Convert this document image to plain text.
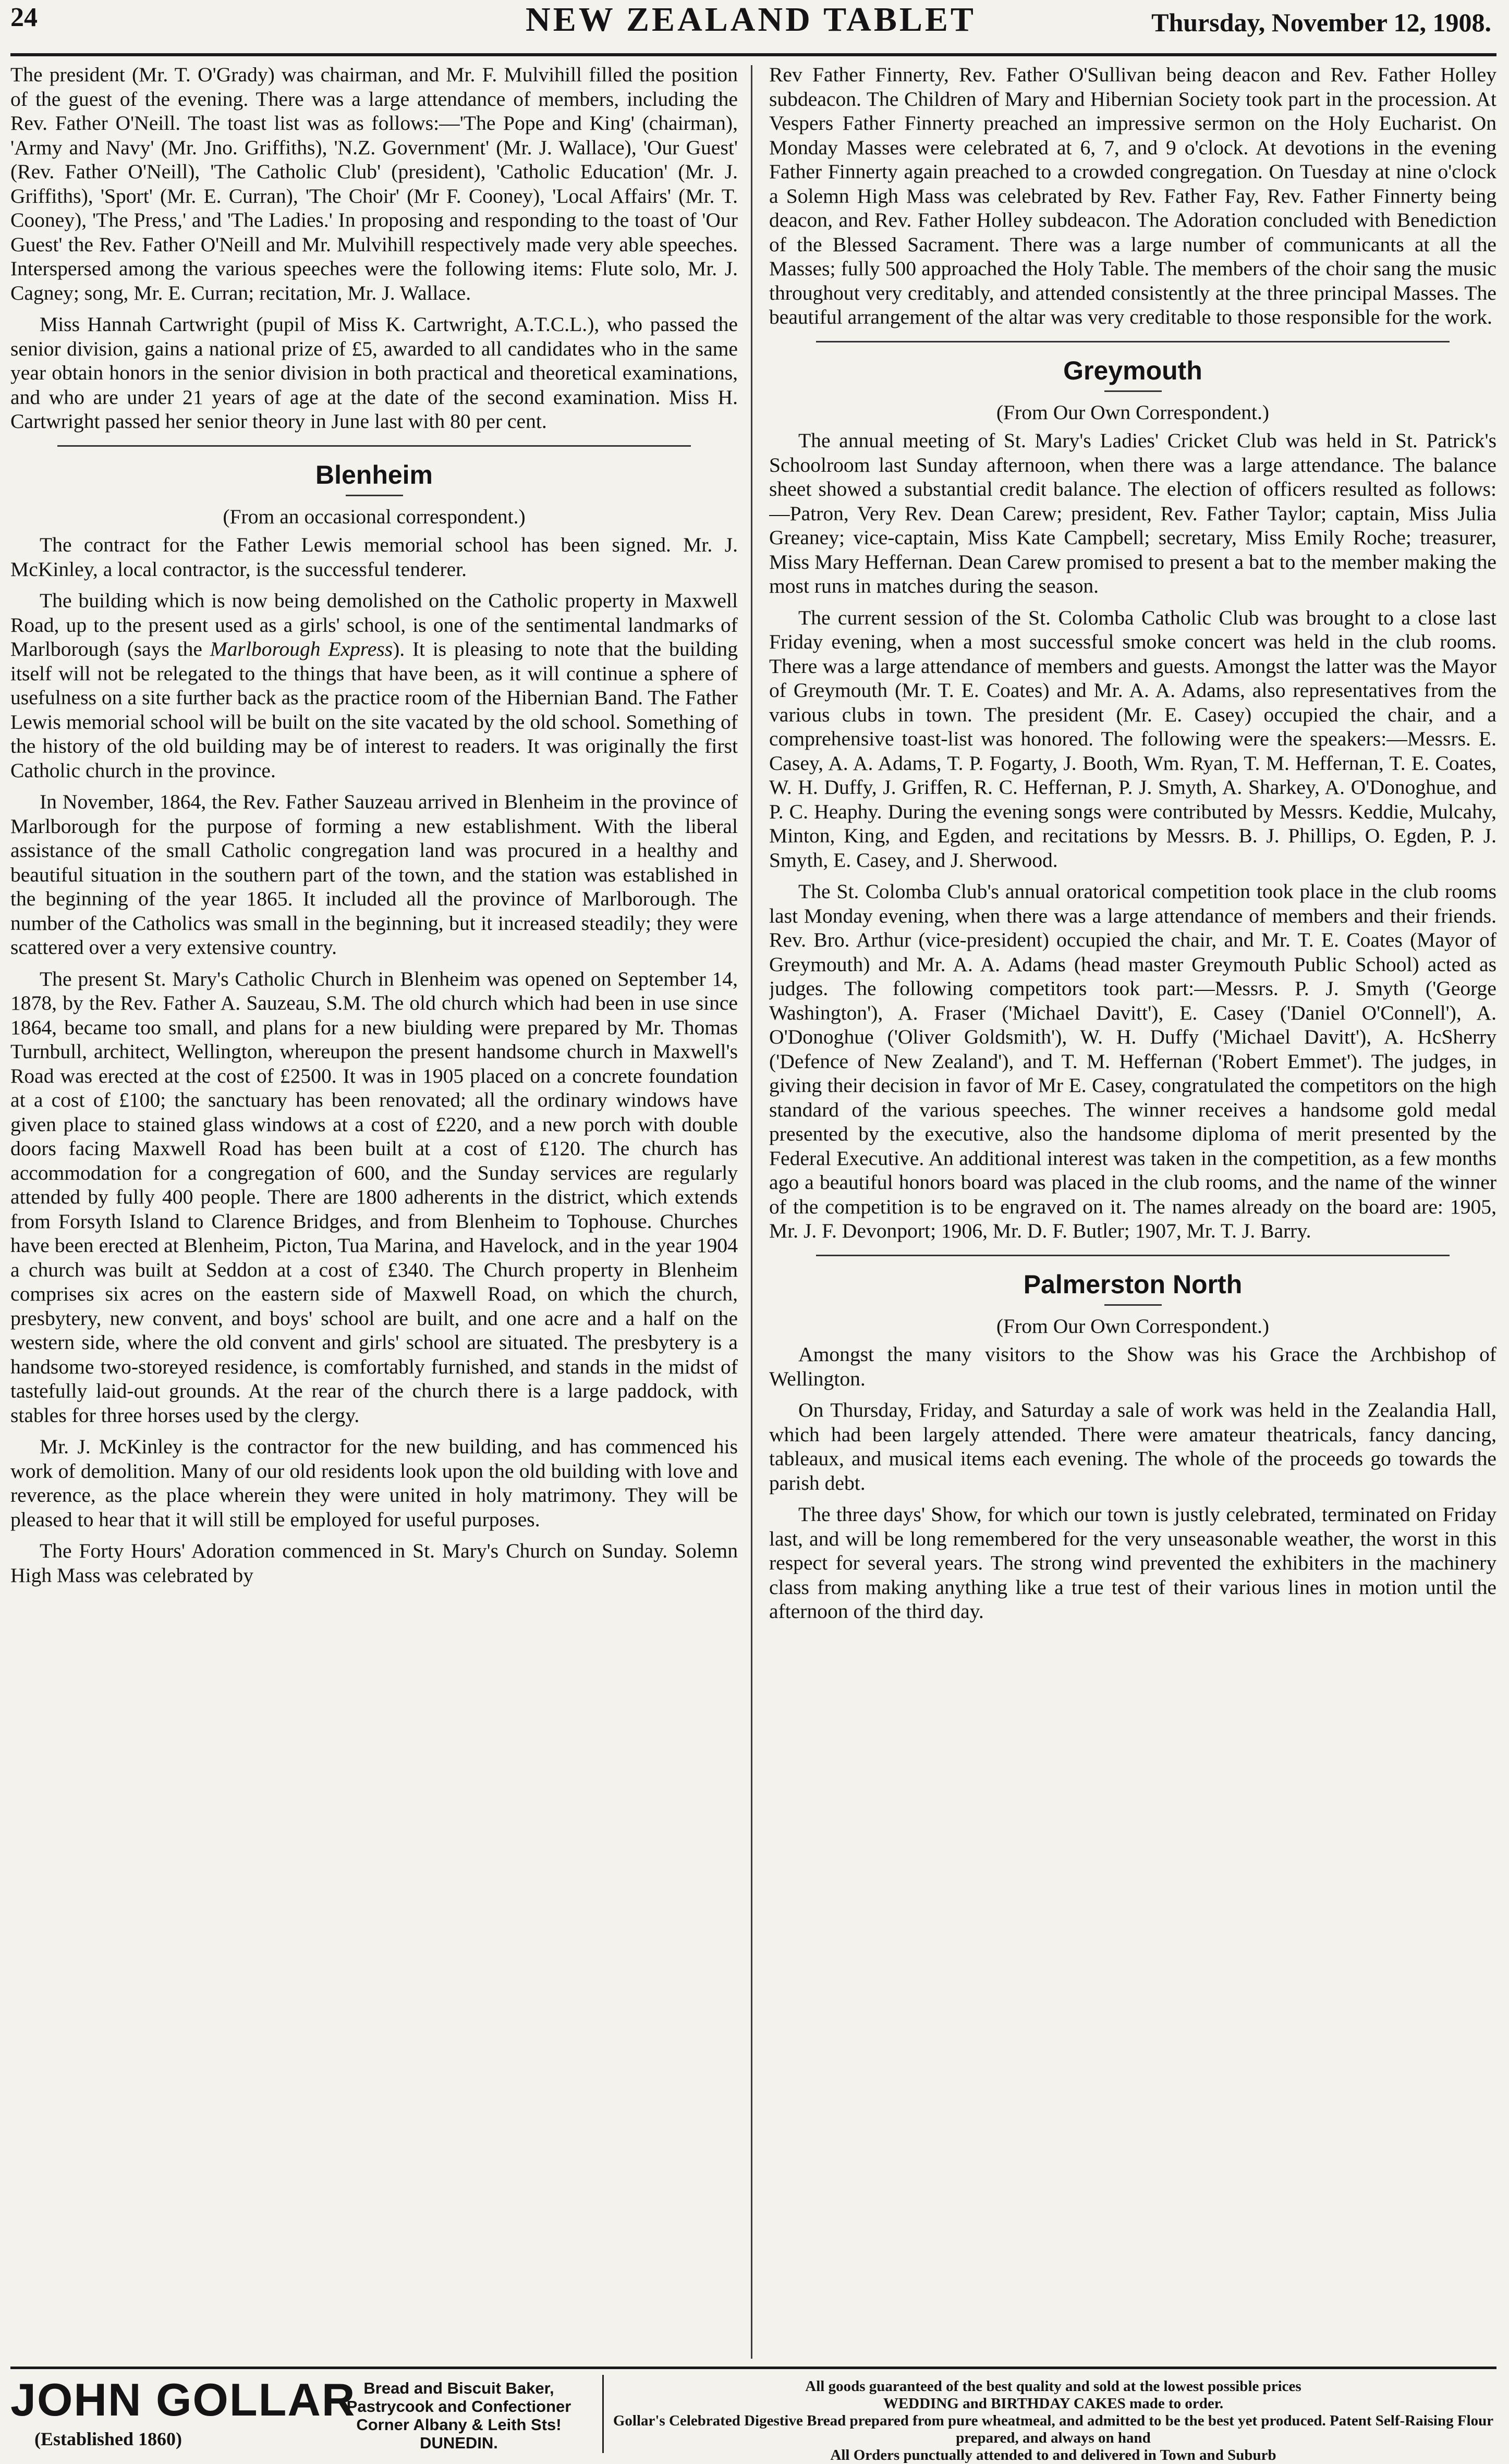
24	NEW ZEALAND TABLET	Thursday, November 12, 1908.

The president (Mr. T. O'Grady) was chairman, and Mr. F. Mulvihill filled the position of the guest of the evening. There was a large attendance of members, including the Rev. Father O'Neill. The toast list was as follows:—'The Pope and King' (chairman), 'Army and Navy' (Mr. Jno. Griffiths), 'N.Z. Government' (Mr. J. Wallace), 'Our Guest' (Rev. Father O'Neill), 'The Catholic Club' (president), 'Catholic Education' (Mr. J. Griffiths), 'Sport' (Mr. E. Curran), 'The Choir' (Mr F. Cooney), 'Local Affairs' (Mr. T. Cooney), 'The Press,' and 'The Ladies.' In proposing and responding to the toast of 'Our Guest' the Rev. Father O'Neill and Mr. Mulvihill respectively made very able speeches. Interspersed among the various speeches were the following items: Flute solo, Mr. J. Cagney; song, Mr. E. Curran; recitation, Mr. J. Wallace.

Miss Hannah Cartwright (pupil of Miss K. Cartwright, A.T.C.L.), who passed the senior division, gains a national prize of £5, awarded to all candidates who in the same year obtain honors in the senior division in both practical and theoretical examinations, and who are under 21 years of age at the date of the second examination. Miss H. Cartwright passed her senior theory in June last with 80 per cent.

Blenheim
(From an occasional correspondent.)

The contract for the Father Lewis memorial school has been signed. Mr. J. McKinley, a local contractor, is the successful tenderer.

The building which is now being demolished on the Catholic property in Maxwell Road, up to the present used as a girls' school, is one of the sentimental landmarks of Marlborough (says the Marlborough Express). It is pleasing to note that the building itself will not be relegated to the things that have been, as it will continue a sphere of usefulness on a site further back as the practice room of the Hibernian Band. The Father Lewis memorial school will be built on the site vacated by the old school. Something of the history of the old building may be of interest to readers. It was originally the first Catholic church in the province.

In November, 1864, the Rev. Father Sauzeau arrived in Blenheim in the province of Marlborough for the purpose of forming a new establishment. With the liberal assistance of the small Catholic congregation land was procured in a healthy and beautiful situation in the southern part of the town, and the station was established in the beginning of the year 1865. It included all the province of Marlborough. The number of the Catholics was small in the beginning, but it increased steadily; they were scattered over a very extensive country.

The present St. Mary's Catholic Church in Blenheim was opened on September 14, 1878, by the Rev. Father A. Sauzeau, S.M. The old church which had been in use since 1864, became too small, and plans for a new biulding were prepared by Mr. Thomas Turnbull, architect, Wellington, whereupon the present handsome church in Maxwell's Road was erected at the cost of £2500. It was in 1905 placed on a concrete foundation at a cost of £100; the sanctuary has been renovated; all the ordinary windows have given place to stained glass windows at a cost of £220, and a new porch with double doors facing Maxwell Road has been built at a cost of £120. The church has accommodation for a congregation of 600, and the Sunday services are regularly attended by fully 400 people. There are 1800 adherents in the district, which extends from Forsyth Island to Clarence Bridges, and from Blenheim to Tophouse. Churches have been erected at Blenheim, Picton, Tua Marina, and Havelock, and in the year 1904 a church was built at Seddon at a cost of £340. The Church property in Blenheim comprises six acres on the eastern side of Maxwell Road, on which the church, presbytery, new convent, and boys' school are built, and one acre and a half on the western side, where the old convent and girls' school are situated. The presbytery is a handsome two-storeyed residence, is comfortably furnished, and stands in the midst of tastefully laid-out grounds. At the rear of the church there is a large paddock, with stables for three horses used by the clergy.

Mr. J. McKinley is the contractor for the new building, and has commenced his work of demolition. Many of our old residents look upon the old building with love and reverence, as the place wherein they were united in holy matrimony. They will be pleased to hear that it will still be employed for useful purposes.

The Forty Hours' Adoration commenced in St. Mary's Church on Sunday. Solemn High Mass was celebrated by

Rev Father Finnerty, Rev. Father O'Sullivan being deacon and Rev. Father Holley subdeacon. The Children of Mary and Hibernian Society took part in the procession. At Vespers Father Finnerty preached an impressive sermon on the Holy Eucharist. On Monday Masses were celebrated at 6, 7, and 9 o'clock. At devotions in the evening Father Finnerty again preached to a crowded congregation. On Tuesday at nine o'clock a Solemn High Mass was celebrated by Rev. Father Fay, Rev. Father Finnerty being deacon, and Rev. Father Holley subdeacon. The Adoration concluded with Benediction of the Blessed Sacrament. There was a large number of communicants at all the Masses; fully 500 approached the Holy Table. The members of the choir sang the music throughout very creditably, and attended consistently at the three principal Masses. The beautiful arrangement of the altar was very creditable to those responsible for the work.

Greymouth
(From Our Own Correspondent.)

The annual meeting of St. Mary's Ladies' Cricket Club was held in St. Patrick's Schoolroom last Sunday afternoon, when there was a large attendance. The balance sheet showed a substantial credit balance. The election of officers resulted as follows:—Patron, Very Rev. Dean Carew; president, Rev. Father Taylor; captain, Miss Julia Greaney; vice-captain, Miss Kate Campbell; secretary, Miss Emily Roche; treasurer, Miss Mary Heffernan. Dean Carew promised to present a bat to the member making the most runs in matches during the season.

The current session of the St. Colomba Catholic Club was brought to a close last Friday evening, when a most successful smoke concert was held in the club rooms. There was a large attendance of members and guests. Amongst the latter was the Mayor of Greymouth (Mr. T. E. Coates) and Mr. A. A. Adams, also representatives from the various clubs in town. The president (Mr. E. Casey) occupied the chair, and a comprehensive toast-list was honored. The following were the speakers:—Messrs. E. Casey, A. A. Adams, T. P. Fogarty, J. Booth, Wm. Ryan, T. M. Heffernan, T. E. Coates, W. H. Duffy, J. Griffen, R. C. Heffernan, P. J. Smyth, A. Sharkey, A. O'Donoghue, and P. C. Heaphy. During the evening songs were contributed by Messrs. Keddie, Mulcahy, Minton, King, and Egden, and recitations by Messrs. B. J. Phillips, O. Egden, P. J. Smyth, E. Casey, and J. Sherwood.

The St. Colomba Club's annual oratorical competition took place in the club rooms last Monday evening, when there was a large attendance of members and their friends. Rev. Bro. Arthur (vice-president) occupied the chair, and Mr. T. E. Coates (Mayor of Greymouth) and Mr. A. A. Adams (head master Greymouth Public School) acted as judges. The following competitors took part:—Messrs. P. J. Smyth ('George Washington'), A. Fraser ('Michael Davitt'), E. Casey ('Daniel O'Connell'), A. O'Donoghue ('Oliver Goldsmith'), W. H. Duffy ('Michael Davitt'), A. HcSherry ('Defence of New Zealand'), and T. M. Heffernan ('Robert Emmet'). The judges, in giving their decision in favor of Mr E. Casey, congratulated the competitors on the high standard of the various speeches. The winner receives a handsome gold medal presented by the executive, also the handsome diploma of merit presented by the Federal Executive. An additional interest was taken in the competition, as a few months ago a beautiful honors board was placed in the club rooms, and the name of the winner of the competition is to be engraved on it. The names already on the board are: 1905, Mr. J. F. Devonport; 1906, Mr. D. F. Butler; 1907, Mr. T. J. Barry.

Palmerston North
(From Our Own Correspondent.)

Amongst the many visitors to the Show was his Grace the Archbishop of Wellington.

On Thursday, Friday, and Saturday a sale of work was held in the Zealandia Hall, which had been largely attended. There were amateur theatricals, fancy dancing, tableaux, and musical items each evening. The whole of the proceeds go towards the parish debt.

The three days' Show, for which our town is justly celebrated, terminated on Friday last, and will be long remembered for the very unseasonable weather, the worst in this respect for several years. The strong wind prevented the exhibiters in the machinery class from making anything like a true test of their various lines in motion until the afternoon of the third day.

JOHN GOLLAR
(Established 1860)
Bread and Biscuit Baker,
Pastrycook and Confectioner
Corner Albany & Leith Sts!
DUNEDIN.
All goods guaranteed of the best quality and sold at the lowest possible prices
WEDDING and BIRTHDAY CAKES made to order.
Gollar's Celebrated Digestive Bread prepared from pure wheatmeal, and admitted to be the best yet produced. Patent Self-Raising Flour prepared, and always on hand
All Orders punctually attended to and delivered in Town and Suburb
